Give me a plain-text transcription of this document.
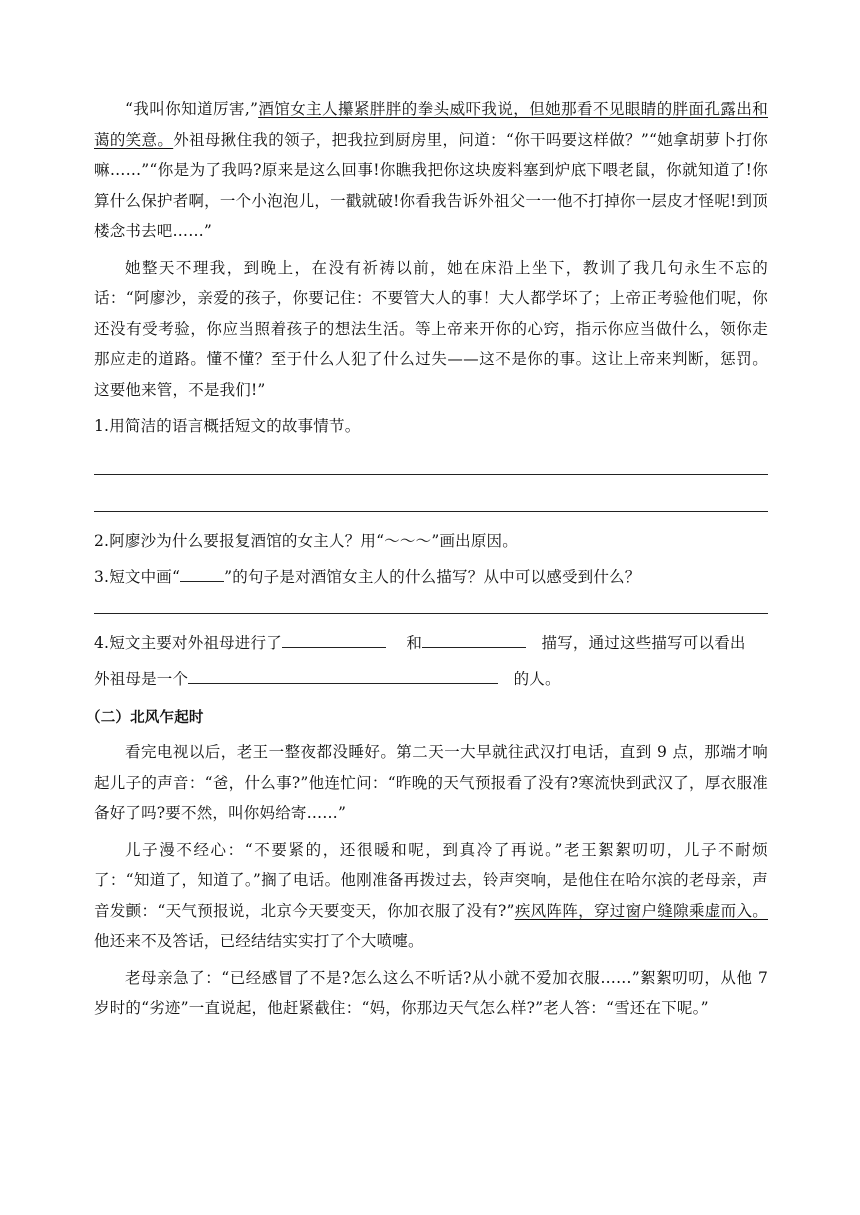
“我叫你知道厉害,”酒馆女主人攥紧胖胖的拳头威吓我说，但她那看不见眼睛的胖面孔露出和蔼的笑意。外祖母揪住我的领子，把我拉到厨房里，问道：“你干吗要这样做？”“她拿胡萝卜打你嘛……”“你是为了我吗?原来是这么回事!你瞧我把你这块废料塞到炉底下喂老鼠，你就知道了!你算什么保护者啊，一个小泡泡儿，一戳就破!你看我告诉外祖父一一他不打掉你一层皮才怪呢!到顶楼念书去吧……”

她整天不理我，到晚上，在没有祈祷以前，她在床沿上坐下，教训了我几句永生不忘的话：“阿廖沙，亲爱的孩子，你要记住：不要管大人的事！大人都学坏了；上帝正考验他们呢，你还没有受考验，你应当照着孩子的想法生活。等上帝来开你的心窍，指示你应当做什么，领你走那应走的道路。懂不懂？至于什么人犯了什么过失——这不是你的事。这让上帝来判断，惩罚。这要他来管，不是我们!”

1.用简洁的语言概括短文的故事情节。

2.阿廖沙为什么要报复酒馆的女主人？用“～～～”画出原因。

3.短文中画“	”的句子是对酒馆女主人的什么描写？从中可以感受到什么？

4.短文主要对外祖母进行了	和	描写，通过这些描写可以看出

外祖母是一个	的人。

（二）北风乍起时

看完电视以后，老王一整夜都没睡好。第二天一大早就往武汉打电话，直到 9 点，那端才响起儿子的声音：“爸，什么事?”他连忙问：“昨晚的天气预报看了没有?寒流快到武汉了，厚衣服准备好了吗?要不然，叫你妈给寄……”

儿子漫不经心：“不要紧的，还很暖和呢，到真冷了再说。”老王絮絮叨叨，儿子不耐烦了：“知道了，知道了。”搁了电话。他刚准备再拨过去，铃声突响，是他住在哈尔滨的老母亲，声音发颤：“天气预报说，北京今天要变天，你加衣服了没有?”疾风阵阵，穿过窗户缝隙乘虚而入。他还来不及答话，已经结结实实打了个大喷嚏。

老母亲急了：“已经感冒了不是?怎么这么不听话?从小就不爱加衣服……”絮絮叨叨，从他 7 岁时的“劣迹”一直说起，他赶紧截住：“妈，你那边天气怎么样?”老人答：“雪还在下呢。”
